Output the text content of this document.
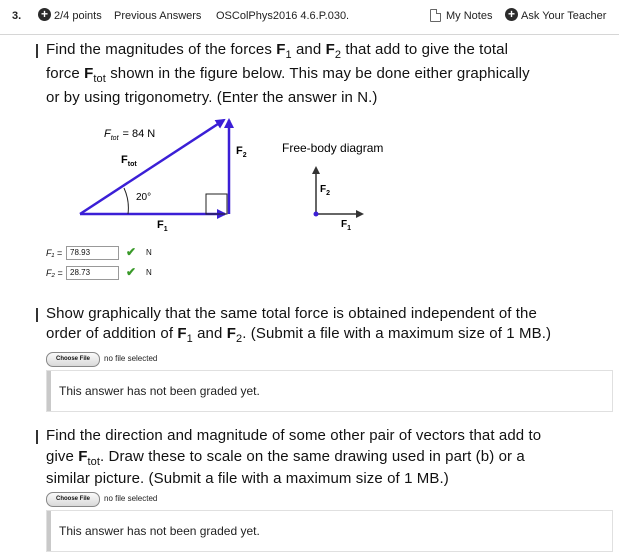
3. + 2/4 points Previous Answers OSColPhys2016 4.6.P.030.	My Notes + Ask Your Teacher
Find the magnitudes of the forces $F_1$ and $F_2$ that add to give the total
force $F_{tot}$ shown in the figure below. This may be done either graphically
or by using trigonometry. (Enter the answer in N.)
20°
$F_{tot} = 84$ N
$F_{tot}$
$F_2$
$F_1$
Free-body diagram
$F_2$
$F_1$
F₁ = 78.93	✔ N
F₂ = 28.73	✔ N
Show graphically that the same total force is obtained independent of the
order of addition of $F_1$ and $F_2$. (Submit a file with a maximum size of 1 MB.)
Choose File	no file selected
This answer has not been graded yet.
Find the direction and magnitude of some other pair of vectors that add to
give $F_{tot}$. Draw these to scale on the same drawing used in part (b) or a
similar picture. (Submit a file with a maximum size of 1 MB.)
Choose File	no file selected
This answer has not been graded yet.
